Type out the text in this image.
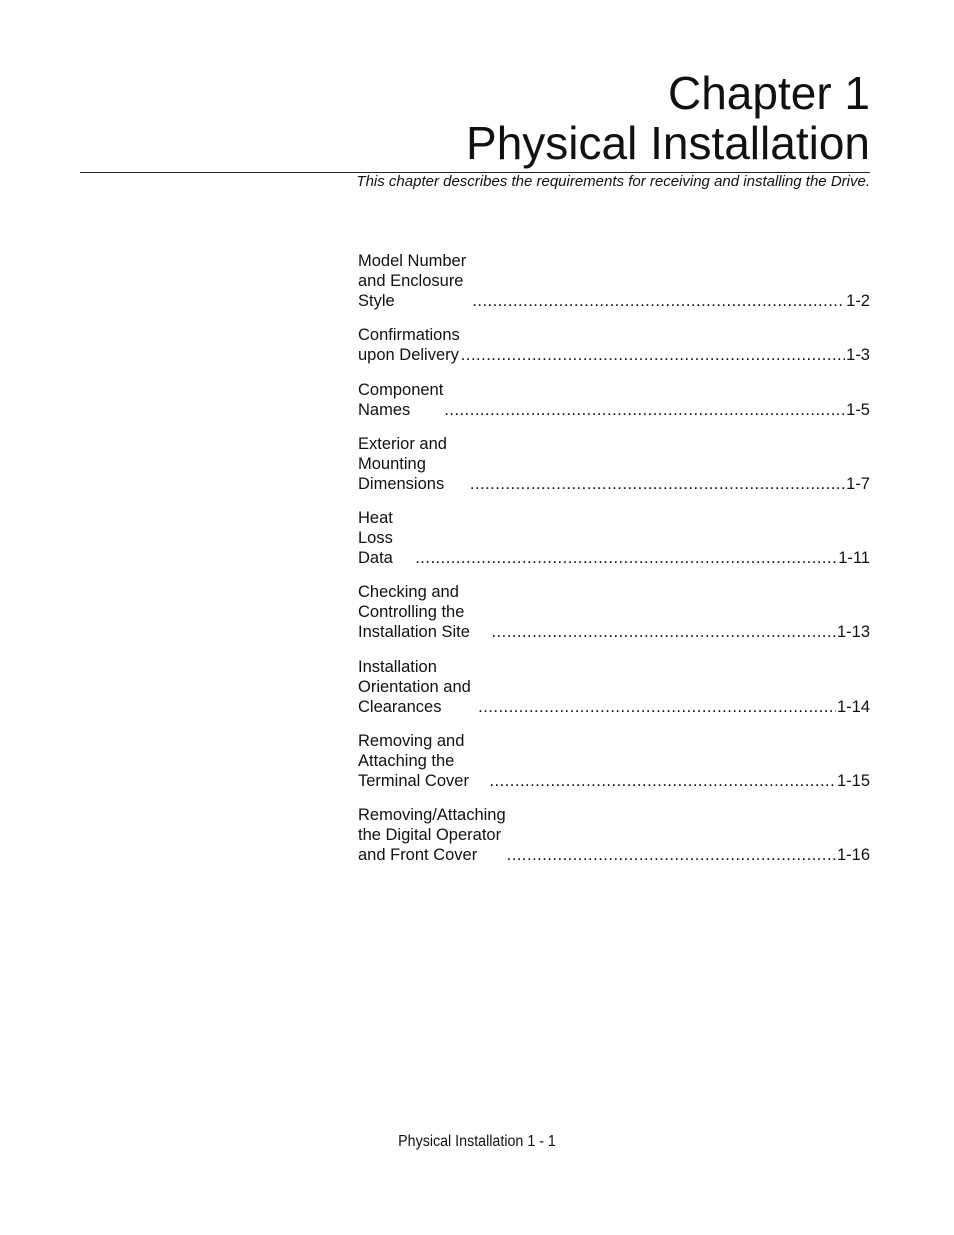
Chapter 1
Physical Installation
This chapter describes the requirements for receiving and installing the Drive.
Model Number and Enclosure Style .....	1-2
Confirmations upon Delivery .....	1-3
Component Names .....	1-5
Exterior and Mounting Dimensions .....	1-7
Heat Loss Data .....	1-11
Checking and Controlling the Installation Site .....	1-13
Installation Orientation and Clearances .....	1-14
Removing and Attaching the Terminal Cover .....	1-15
Removing/Attaching the Digital Operator
and Front Cover .....	1-16
Physical Installation 1 - 1
